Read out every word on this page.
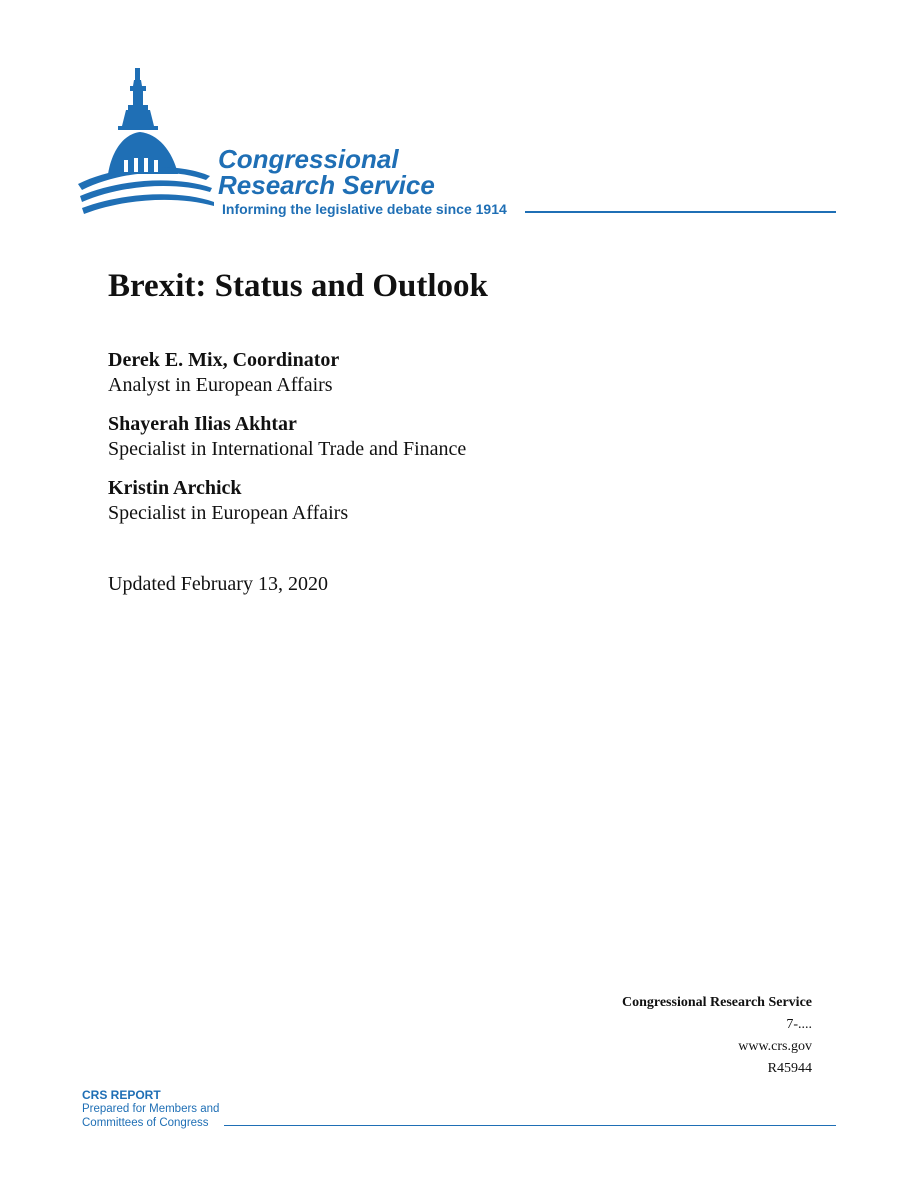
Congressional
Research Service
Informing the legislative debate since 1914
Brexit: Status and Outlook
Derek E. Mix, Coordinator
Analyst in European Affairs
Shayerah Ilias Akhtar
Specialist in International Trade and Finance
Kristin Archick
Specialist in European Affairs
Updated February 13, 2020
Congressional Research Service
7-....
www.crs.gov
R45944
CRS REPORT
Prepared for Members and
Committees of Congress
